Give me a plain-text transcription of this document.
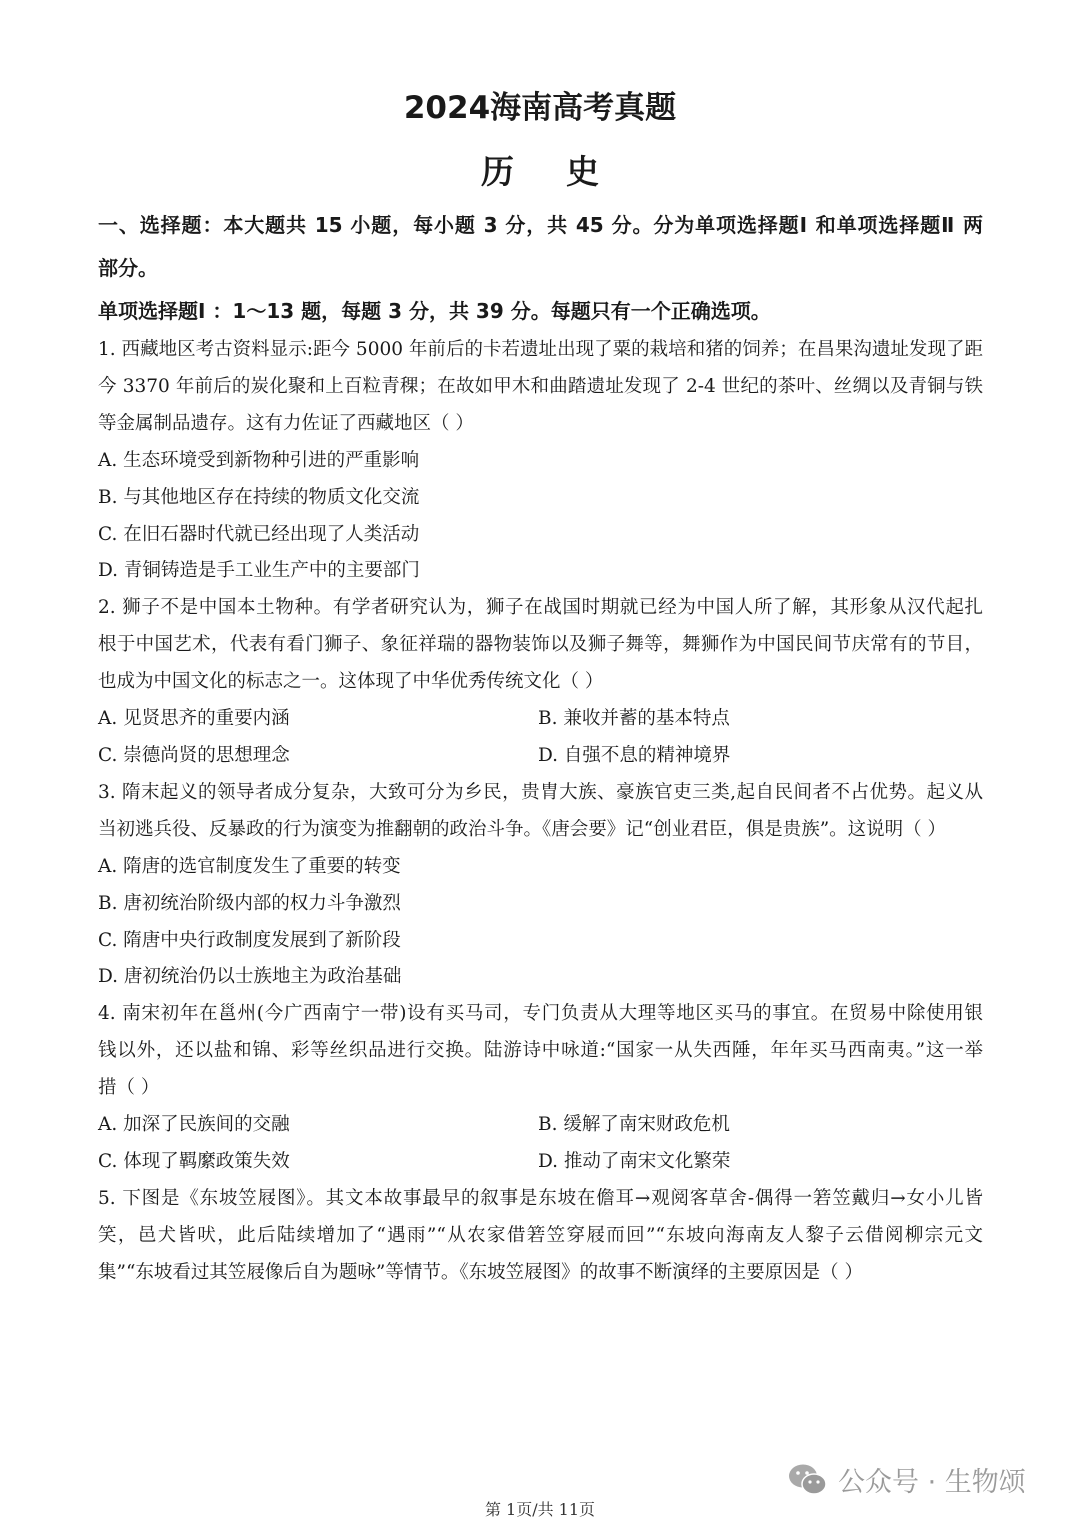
2024海南高考真题
历史
一、选择题：本大题共 15 小题，每小题 3 分，共 45 分。分为单项选择题Ⅰ 和单项选择题Ⅱ 两
部分。
单项选择题Ⅰ ：1～13 题，每题 3 分，共 39 分。每题只有一个正确选项。
1. 西藏地区考古资料显示:距今 5000 年前后的卡若遗址出现了粟的栽培和猪的饲养；在昌果沟遗址发现了距
今 3370 年前后的炭化聚和上百粒青稞；在故如甲木和曲踏遗址发现了 2-4 世纪的茶叶、丝绸以及青铜与铁
等金属制品遗存。这有力佐证了西藏地区（ ）
A. 生态环境受到新物种引进的严重影响
B. 与其他地区存在持续的物质文化交流
C. 在旧石器时代就已经出现了人类活动
D. 青铜铸造是手工业生产中的主要部门
2. 狮子不是中国本土物种。有学者研究认为，狮子在战国时期就已经为中国人所了解，其形象从汉代起扎
根于中国艺术，代表有看门狮子、象征祥瑞的器物装饰以及狮子舞等，舞狮作为中国民间节庆常有的节目，
也成为中国文化的标志之一。这体现了中华优秀传统文化（ ）
A. 见贤思齐的重要内涵	B. 兼收并蓄的基本特点
C. 崇德尚贤的思想理念	D. 自强不息的精神境界
3. 隋末起义的领导者成分复杂，大致可分为乡民，贵胄大族、豪族官吏三类,起自民间者不占优势。起义从
当初逃兵役、反暴政的行为演变为推翻朝的政治斗争。《唐会要》记“创业君臣，俱是贵族”。这说明（ ）
A. 隋唐的选官制度发生了重要的转变
B. 唐初统治阶级内部的权力斗争激烈
C. 隋唐中央行政制度发展到了新阶段
D. 唐初统治仍以士族地主为政治基础
4. 南宋初年在邕州(今广西南宁一带)设有买马司，专门负责从大理等地区买马的事宜。在贸易中除使用银
钱以外，还以盐和锦、彩等丝织品进行交换。陆游诗中咏道:“国家一从失西陲，年年买马西南夷。”这一举
措（ ）
A. 加深了民族间的交融	B. 缓解了南宋财政危机
C. 体现了羁縻政策失效	D. 推动了南宋文化繁荣
5. 下图是《东坡笠屐图》。其文本故事最早的叙事是东坡在儋耳→观阅客草舍-偶得一箬笠戴归→女小儿皆
笑，邑犬皆吠，此后陆续增加了“遇雨”“从农家借箬笠穿屐而回”“东坡向海南友人黎子云借阅柳宗元文
集”“东坡看过其笠屐像后自为题咏”等情节。《东坡笠屐图》的故事不断演绎的主要原因是（ ）
公众号 · 生物颂
第 1页/共 11页
